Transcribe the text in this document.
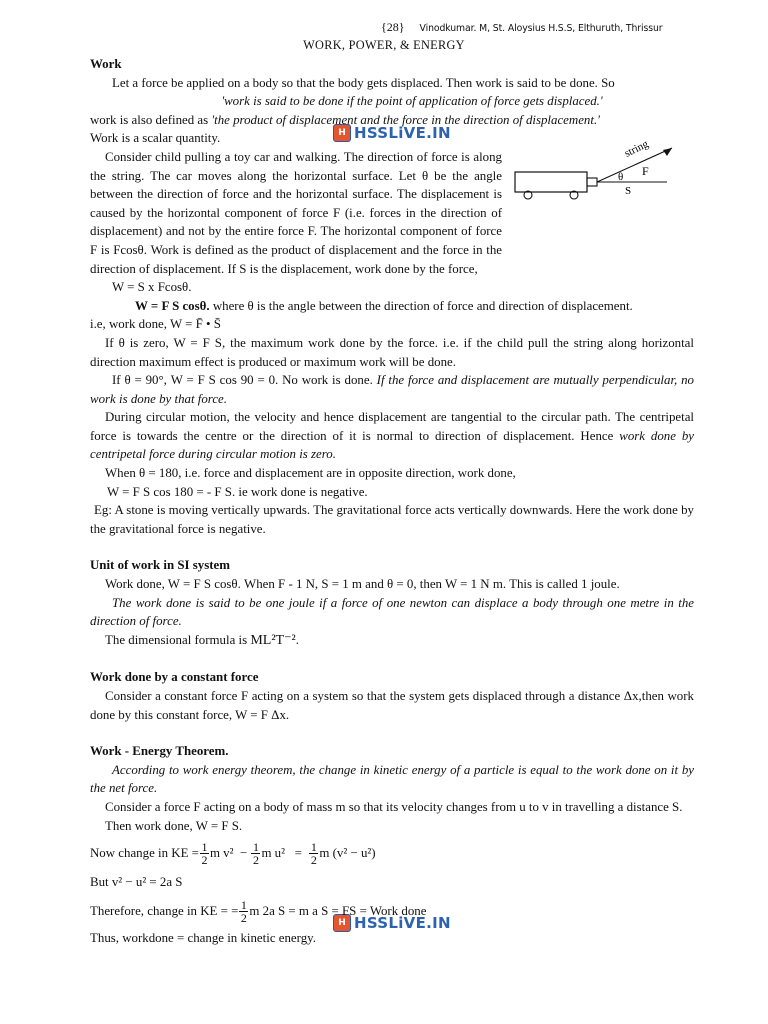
{28} Vinodkumar. M, St. Aloysius H.S.S, Elthuruth, Thrissur
WORK, POWER, & ENERGY
H HSSLiVE.IN
H HSSLiVE.IN
string
θ F
S

Work

Let a force be applied on a body so that the body gets displaced. Then work is said to be done. So

'work is said to be done if the point of application of force gets displaced.'

work is also defined as 'the product of displacement and the force in the direction of displacement.'

Work is a scalar quantity.

Consider child pulling a toy car and walking. The direction of force is along the string. The car moves along the horizontal surface. Let θ be the angle between the direction of force and the horizontal surface. The displacement is caused by the horizontal component of force F (i.e. forces in the direction of displacement) and not by the entire force F. The horizontal component of force F is Fcosθ. Work is defined as the product of displacement and the force in the direction of displacement. If S is the displacement, work done by the force,

W = S x Fcosθ.

W = F S cosθ. where θ is the angle between the direction of force and direction of displacement.

i.e, work done, W = F̄ • S̄

If θ is zero, W = F S, the maximum work done by the force. i.e. if the child pull the string along horizontal direction maximum effect is produced or maximum work will be done.

If θ = 90°, W = F S cos 90 = 0. No work is done. If the force and displacement are mutually perpendicular, no work is done by that force.

During circular motion, the velocity and hence displacement are tangential to the circular path. The centripetal force is towards the centre or the direction of it is normal to direction of displacement. Hence work done by centripetal force during circular motion is zero.

When θ = 180, i.e. force and displacement are in opposite direction, work done,

W = F S cos 180 = - F S. ie work done is negative.

Eg: A stone is moving vertically upwards. The gravitational force acts vertically downwards. Here the work done by the gravitational force is negative.

Unit of work in SI system

Work done, W = F S cosθ. When F - 1 N, S = 1 m and θ = 0, then W = 1 N m. This is called 1 joule.

The work done is said to be one joule if a force of one newton can displace a body through one metre in the direction of force.

The dimensional formula is ML²T⁻².

Work done by a constant force

Consider a constant force F acting on a system so that the system gets displaced through a distance Δx,then work done by this constant force, W = F Δx.

Work - Energy Theorem.

According to work energy theorem, the change in kinetic energy of a particle is equal to the work done on it by the net force.

Consider a force F acting on a body of mass m so that its velocity changes from u to v in travelling a distance S.

Then work done, W = F S.

Now change in KE = $\frac{1}{2}$ m $v^2 - \frac{1}{2}$ m $u^2 = \frac{1}{2}$ m (v² − u²)
But v² − u² = 2a S
Therefore, change in KE = = $\frac{1}{2}$ m 2a S = m a S = FS = Work done

Thus, workdone = change in kinetic energy.
